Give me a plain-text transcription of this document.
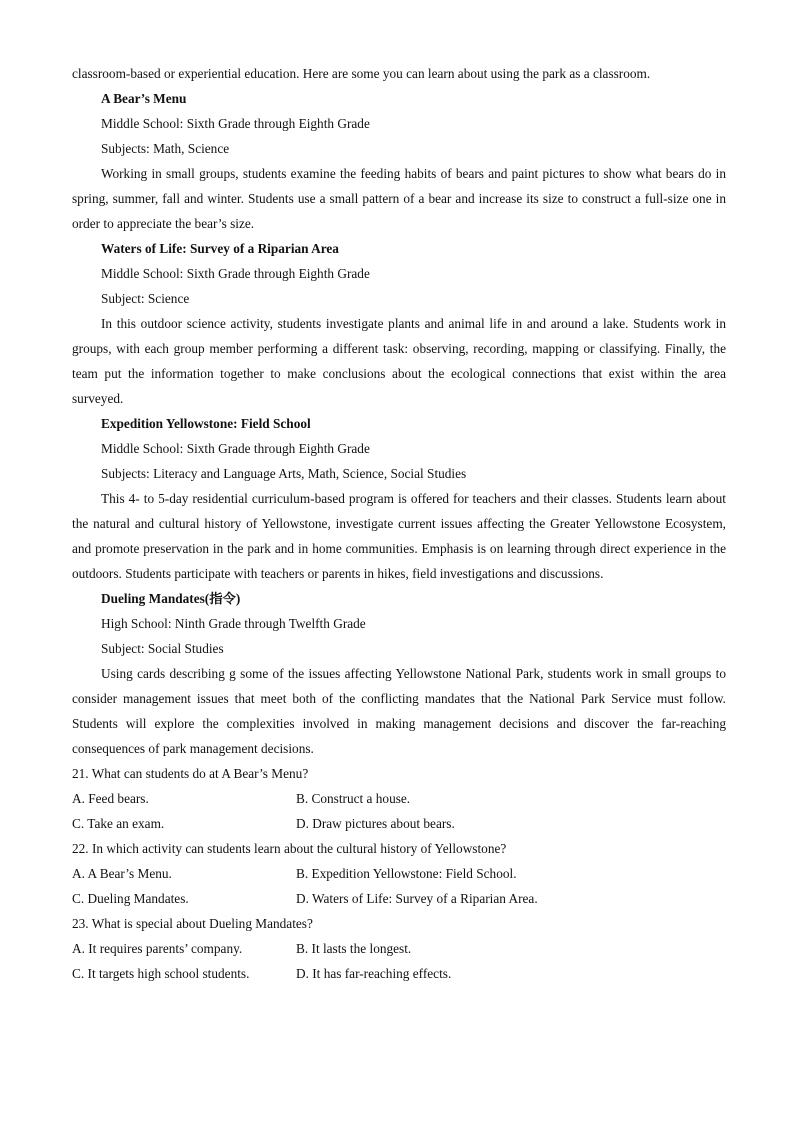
classroom-based or experiential education. Here are some you can learn about using the park as a classroom.

A Bear’s Menu

Middle School: Sixth Grade through Eighth Grade

Subjects: Math, Science

Working in small groups, students examine the feeding habits of bears and paint pictures to show what bears do in spring, summer, fall and winter. Students use a small pattern of a bear and increase its size to construct a full-size one in order to appreciate the bear’s size.

Waters of Life: Survey of a Riparian Area

Middle School: Sixth Grade through Eighth Grade

Subject: Science

In this outdoor science activity, students investigate plants and animal life in and around a lake. Students work in groups, with each group member performing a different task: observing, recording, mapping or classifying. Finally, the team put the information together to make conclusions about the ecological connections that exist within the area surveyed.

Expedition Yellowstone: Field School

Middle School: Sixth Grade through Eighth Grade

Subjects: Literacy and Language Arts, Math, Science, Social Studies

This 4- to 5-day residential curriculum-based program is offered for teachers and their classes. Students learn about the natural and cultural history of Yellowstone, investigate current issues affecting the Greater Yellowstone Ecosystem, and promote preservation in the park and in home communities. Emphasis is on learning through direct experience in the outdoors. Students participate with teachers or parents in hikes, field investigations and discussions.

Dueling Mandates(指令)

High School: Ninth Grade through Twelfth Grade

Subject: Social Studies

Using cards describing g some of the issues affecting Yellowstone National Park, students work in small groups to consider management issues that meet both of the conflicting mandates that the National Park Service must follow. Students will explore the complexities involved in making management decisions and discover the far-reaching consequences of park management decisions.

21. What can students do at A Bear’s Menu?

A. Feed bears.	B. Construct a house.
C. Take an exam.	D. Draw pictures about bears.

22. In which activity can students learn about the cultural history of Yellowstone?

A. A Bear’s Menu.	B. Expedition Yellowstone: Field School.
C. Dueling Mandates.	D. Waters of Life: Survey of a Riparian Area.

23. What is special about Dueling Mandates?

A. It requires parents’ company.	B. It lasts the longest.
C. It targets high school students.	D. It has far-reaching effects.
